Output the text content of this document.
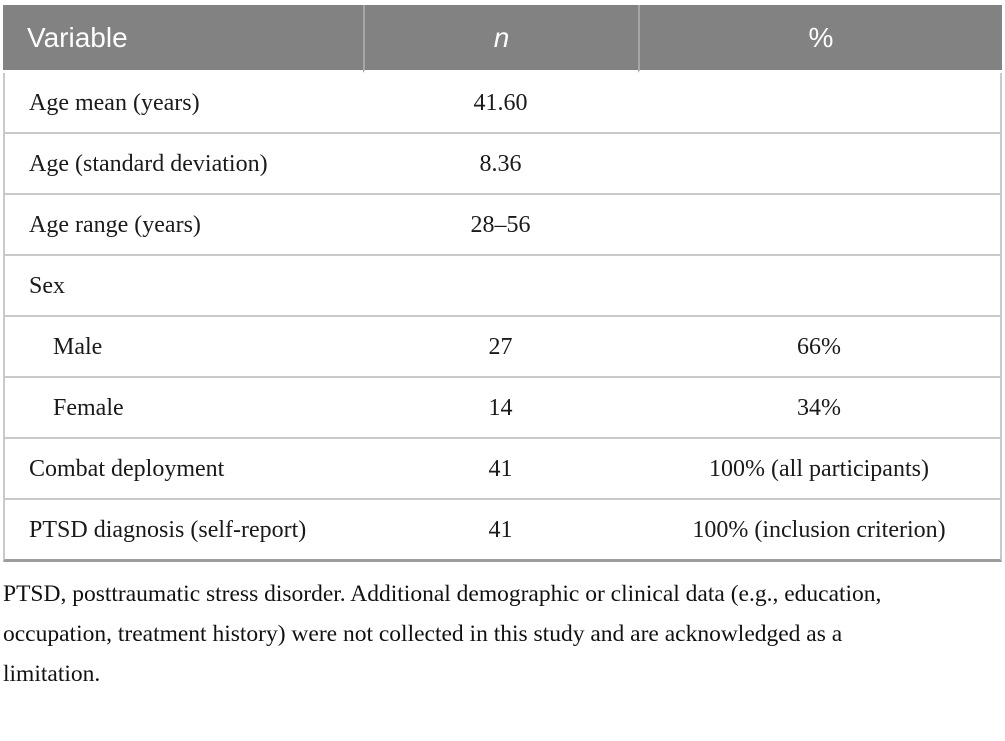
Variable	n	%
Age mean (years)	41.60	
Age (standard deviation)	8.36	
Age range (years)	28–56	
Sex		
Male	27	66%
Female	14	34%
Combat deployment	41	100% (all participants)
PTSD diagnosis (self-report)	41	100% (inclusion criterion)

PTSD, posttraumatic stress disorder. Additional demographic or clinical data (e.g., education, occupation, treatment history) were not collected in this study and are acknowledged as a limitation.
